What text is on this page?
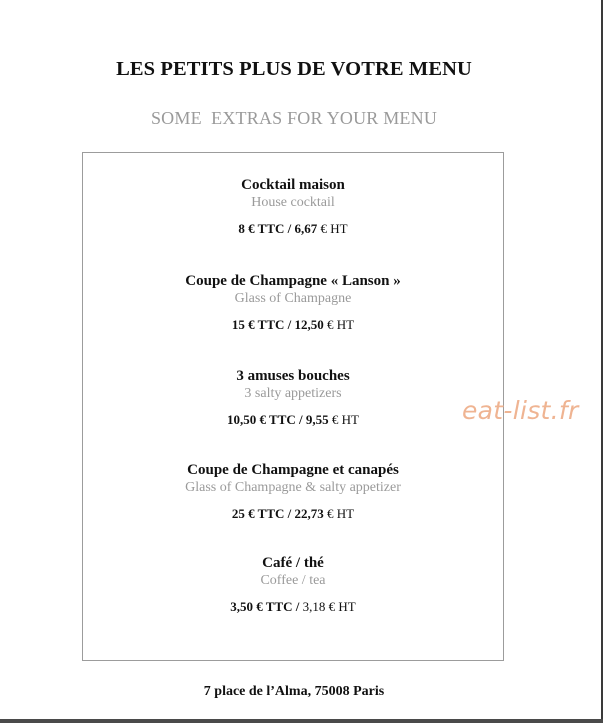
LES PETITS PLUS DE VOTRE MENU
SOME  EXTRAS FOR YOUR MENU
Cocktail maison
House cocktail
8 € TTC / 6,67 € HT
Coupe de Champagne « Lanson »
Glass of Champagne
15 € TTC / 12,50 € HT
3 amuses bouches
3 salty appetizers
10,50 € TTC / 9,55 € HT
Coupe de Champagne et canapés
Glass of Champagne & salty appetizer
25 € TTC / 22,73 € HT
Café / thé
Coffee / tea
3,50 € TTC / 3,18 € HT
eat-list.fr
7 place de l’Alma, 75008 Paris
